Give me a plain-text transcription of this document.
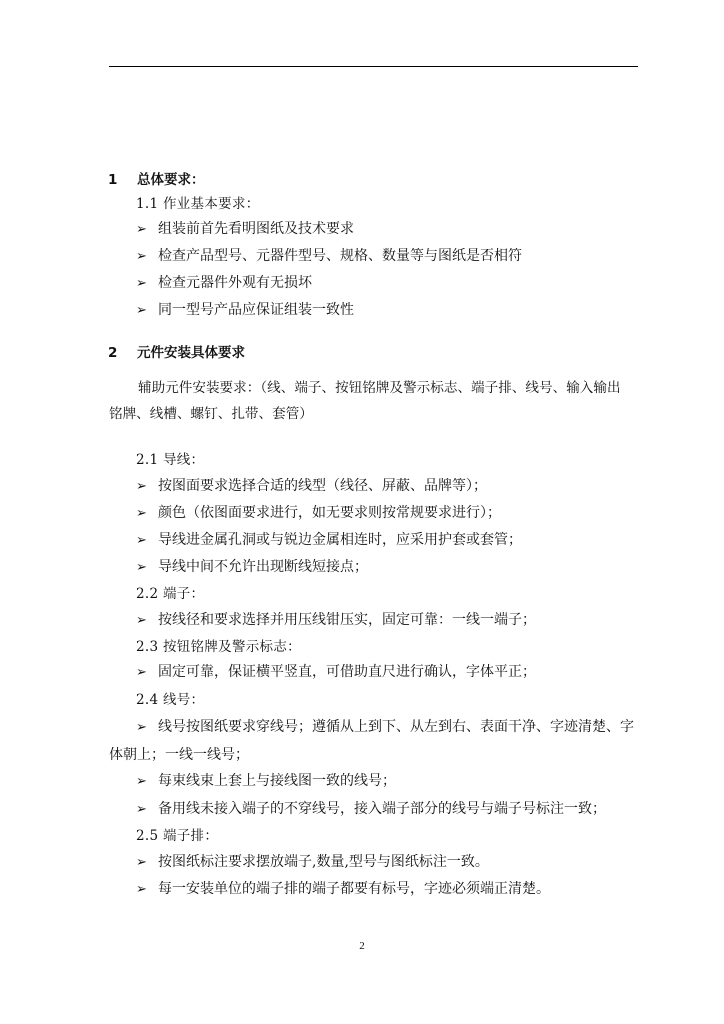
1 总体要求：
1.1 作业基本要求：
➢ 组装前首先看明图纸及技术要求
➢ 检查产品型号、元器件型号、规格、数量等与图纸是否相符
➢ 检查元器件外观有无损坏
➢ 同一型号产品应保证组装一致性
2 元件安装具体要求
辅助元件安装要求：（线、端子、按钮铭牌及警示标志、端子排、线号、输入输出
铭牌、线槽、螺钉、扎带、套管）
2.1 导线：
➢ 按图面要求选择合适的线型（线径、屏蔽、品牌等）；
➢ 颜色（依图面要求进行，如无要求则按常规要求进行）；
➢ 导线进金属孔洞或与锐边金属相连时，应采用护套或套管；
➢ 导线中间不允许出现断线短接点；
2.2 端子：
➢ 按线径和要求选择并用压线钳压实，固定可靠：一线一端子；
2.3 按钮铭牌及警示标志：
➢ 固定可靠，保证横平竖直，可借助直尺进行确认，字体平正；
2.4 线号：
➢ 线号按图纸要求穿线号；遵循从上到下、从左到右、表面干净、字迹清楚、字
体朝上；一线一线号；
➢ 每束线束上套上与接线图一致的线号；
➢ 备用线未接入端子的不穿线号，接入端子部分的线号与端子号标注一致；
2.5 端子排：
➢ 按图纸标注要求摆放端子,数量,型号与图纸标注一致。
➢ 每一安装单位的端子排的端子都要有标号，字迹必须端正清楚。
2
